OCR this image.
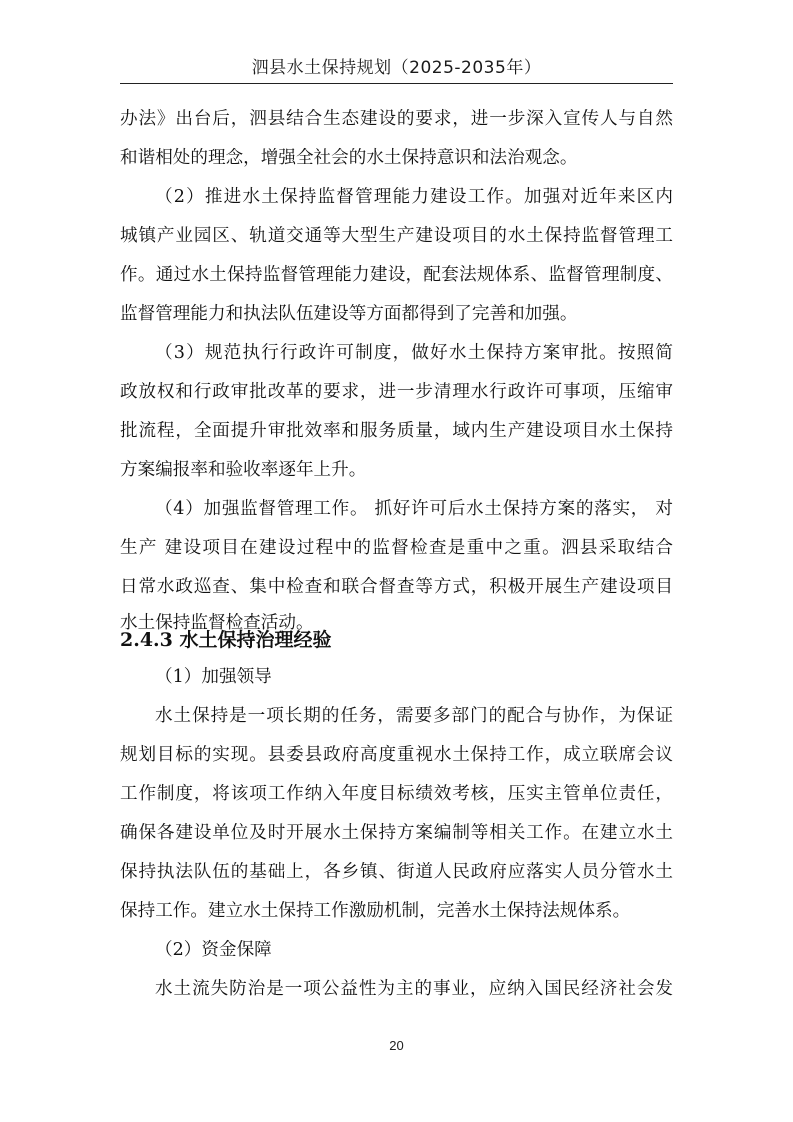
泗县水土保持规划（2025-2035年）
办法》出台后，泗县结合生态建设的要求，进一步深入宣传人与自然
和谐相处的理念，增强全社会的水土保持意识和法治观念。
（2）推进水土保持监督管理能力建设工作。加强对近年来区内
城镇产业园区、轨道交通等大型生产建设项目的水土保持监督管理工
作。通过水土保持监督管理能力建设，配套法规体系、监督管理制度、
监督管理能力和执法队伍建设等方面都得到了完善和加强。
（3）规范执行行政许可制度，做好水土保持方案审批。按照简
政放权和行政审批改革的要求，进一步清理水行政许可事项，压缩审
批流程，全面提升审批效率和服务质量，域内生产建设项目水土保持
方案编报率和验收率逐年上升。
（4）加强监督管理工作。 抓好许可后水土保持方案的落实， 对
生产 建设项目在建设过程中的监督检查是重中之重。泗县采取结合
日常水政巡查、集中检查和联合督查等方式，积极开展生产建设项目
水土保持监督检查活动。
2.4.3 水土保持治理经验
（1）加强领导
水土保持是一项长期的任务，需要多部门的配合与协作，为保证
规划目标的实现。县委县政府高度重视水土保持工作，成立联席会议
工作制度，将该项工作纳入年度目标绩效考核，压实主管单位责任，
确保各建设单位及时开展水土保持方案编制等相关工作。在建立水土
保持执法队伍的基础上，各乡镇、街道人民政府应落实人员分管水土
保持工作。建立水土保持工作激励机制，完善水土保持法规体系。
（2）资金保障
水土流失防治是一项公益性为主的事业，应纳入国民经济社会发
20
